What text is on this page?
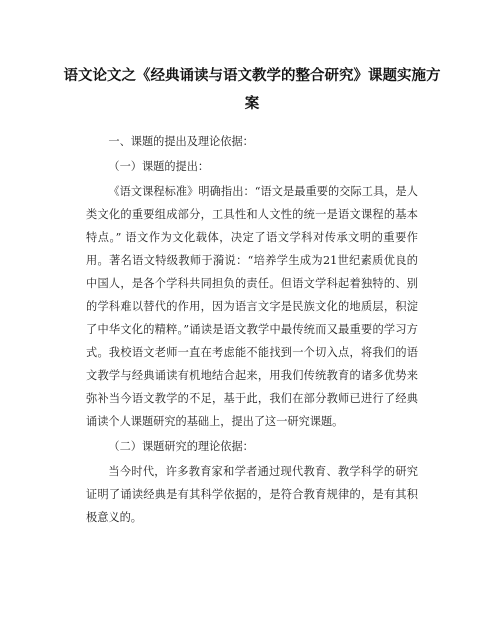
语文论文之《经典诵读与语文教学的整合研究》课题实施方案

一、课题的提出及理论依据：

（一）课题的提出：

《语文课程标准》明确指出：“语文是最重要的交际工具，是人类文化的重要组成部分，工具性和人文性的统一是语文课程的基本特点。” 语文作为文化载体，决定了语文学科对传承文明的重要作用。著名语文特级教师于漪说：“培养学生成为21世纪素质优良的中国人，是各个学科共同担负的责任。但语文学科起着独特的、别的学科难以替代的作用，因为语言文字是民族文化的地质层，积淀了中华文化的精粹。”诵读是语文教学中最传统而又最重要的学习方式。我校语文老师一直在考虑能不能找到一个切入点，将我们的语文教学与经典诵读有机地结合起来，用我们传统教育的诸多优势来弥补当今语文教学的不足，基于此，我们在部分教师已进行了经典诵读个人课题研究的基础上，提出了这一研究课题。

（二）课题研究的理论依据：

当今时代，许多教育家和学者通过现代教育、教学科学的研究证明了诵读经典是有其科学依据的，是符合教育规律的，是有其积极意义的。
